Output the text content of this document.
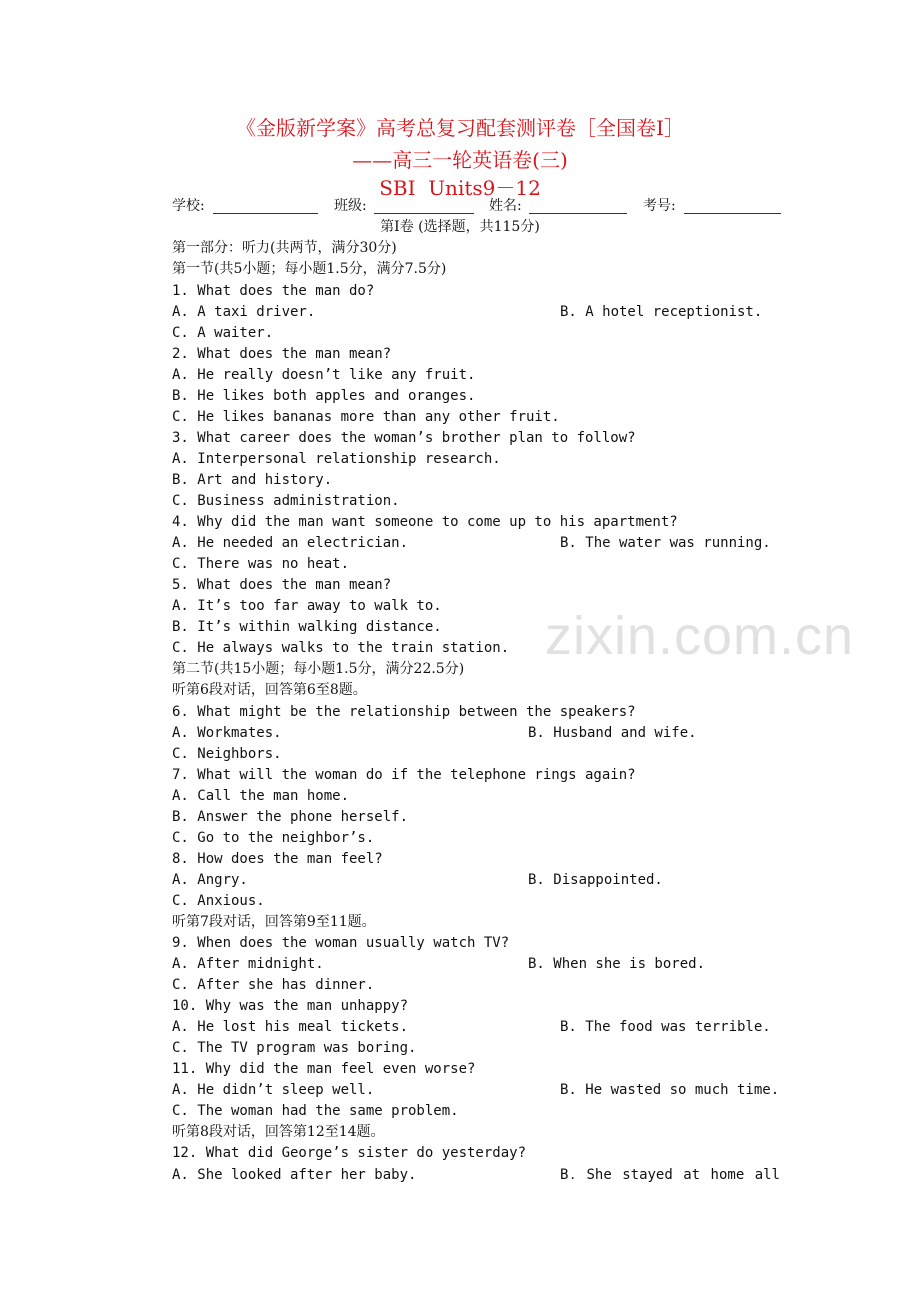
《金版新学案》高考总复习配套测评卷［全国卷Ⅰ］
——高三一轮英语卷(三)
SBI  Units9－12
学校:	班级:	姓名:	考号:
第Ⅰ卷 (选择题，共115分)
第一部分：听力(共两节，满分30分)
第一节(共5小题；每小题1.5分，满分7.5分)
1. What does the man do?
A. A taxi driver.	B. A hotel receptionist.
C. A waiter.
2. What does the man mean?
A. He really doesn’t like any fruit.
B. He likes both apples and oranges.
C. He likes bananas more than any other fruit.
3. What career does the woman’s brother plan to follow?
A. Interpersonal relationship research.
B. Art and history.
C. Business administration.
4. Why did the man want someone to come up to his apartment?
A. He needed an electrician.	B. The water was running.
C. There was no heat.
5. What does the man mean?
A. It’s too far away to walk to.
B. It’s within walking distance.
C. He always walks to the train station.
第二节(共15小题；每小题1.5分，满分22.5分)
听第6段对话，回答第6至8题。
6. What might be the relationship between the speakers?
A. Workmates.	B. Husband and wife.
C. Neighbors.
7. What will the woman do if the telephone rings again?
A. Call the man home.
B. Answer the phone herself.
C. Go to the neighbor’s.
8. How does the man feel?
A. Angry.	B. Disappointed.
C. Anxious.
听第7段对话，回答第9至11题。
9. When does the woman usually watch TV?
A. After midnight.	B. When she is bored.
C. After she has dinner.
10. Why was the man unhappy?
A. He lost his meal tickets.	B. The food was terrible.
C. The TV program was boring.
11. Why did the man feel even worse?
A. He didn’t sleep well.	B. He wasted so much time.
C. The woman had the same problem.
听第8段对话，回答第12至14题。
12. What did George’s sister do yesterday?
A. She looked after her baby.	B．She stayed at home all
zixin.com.cn
